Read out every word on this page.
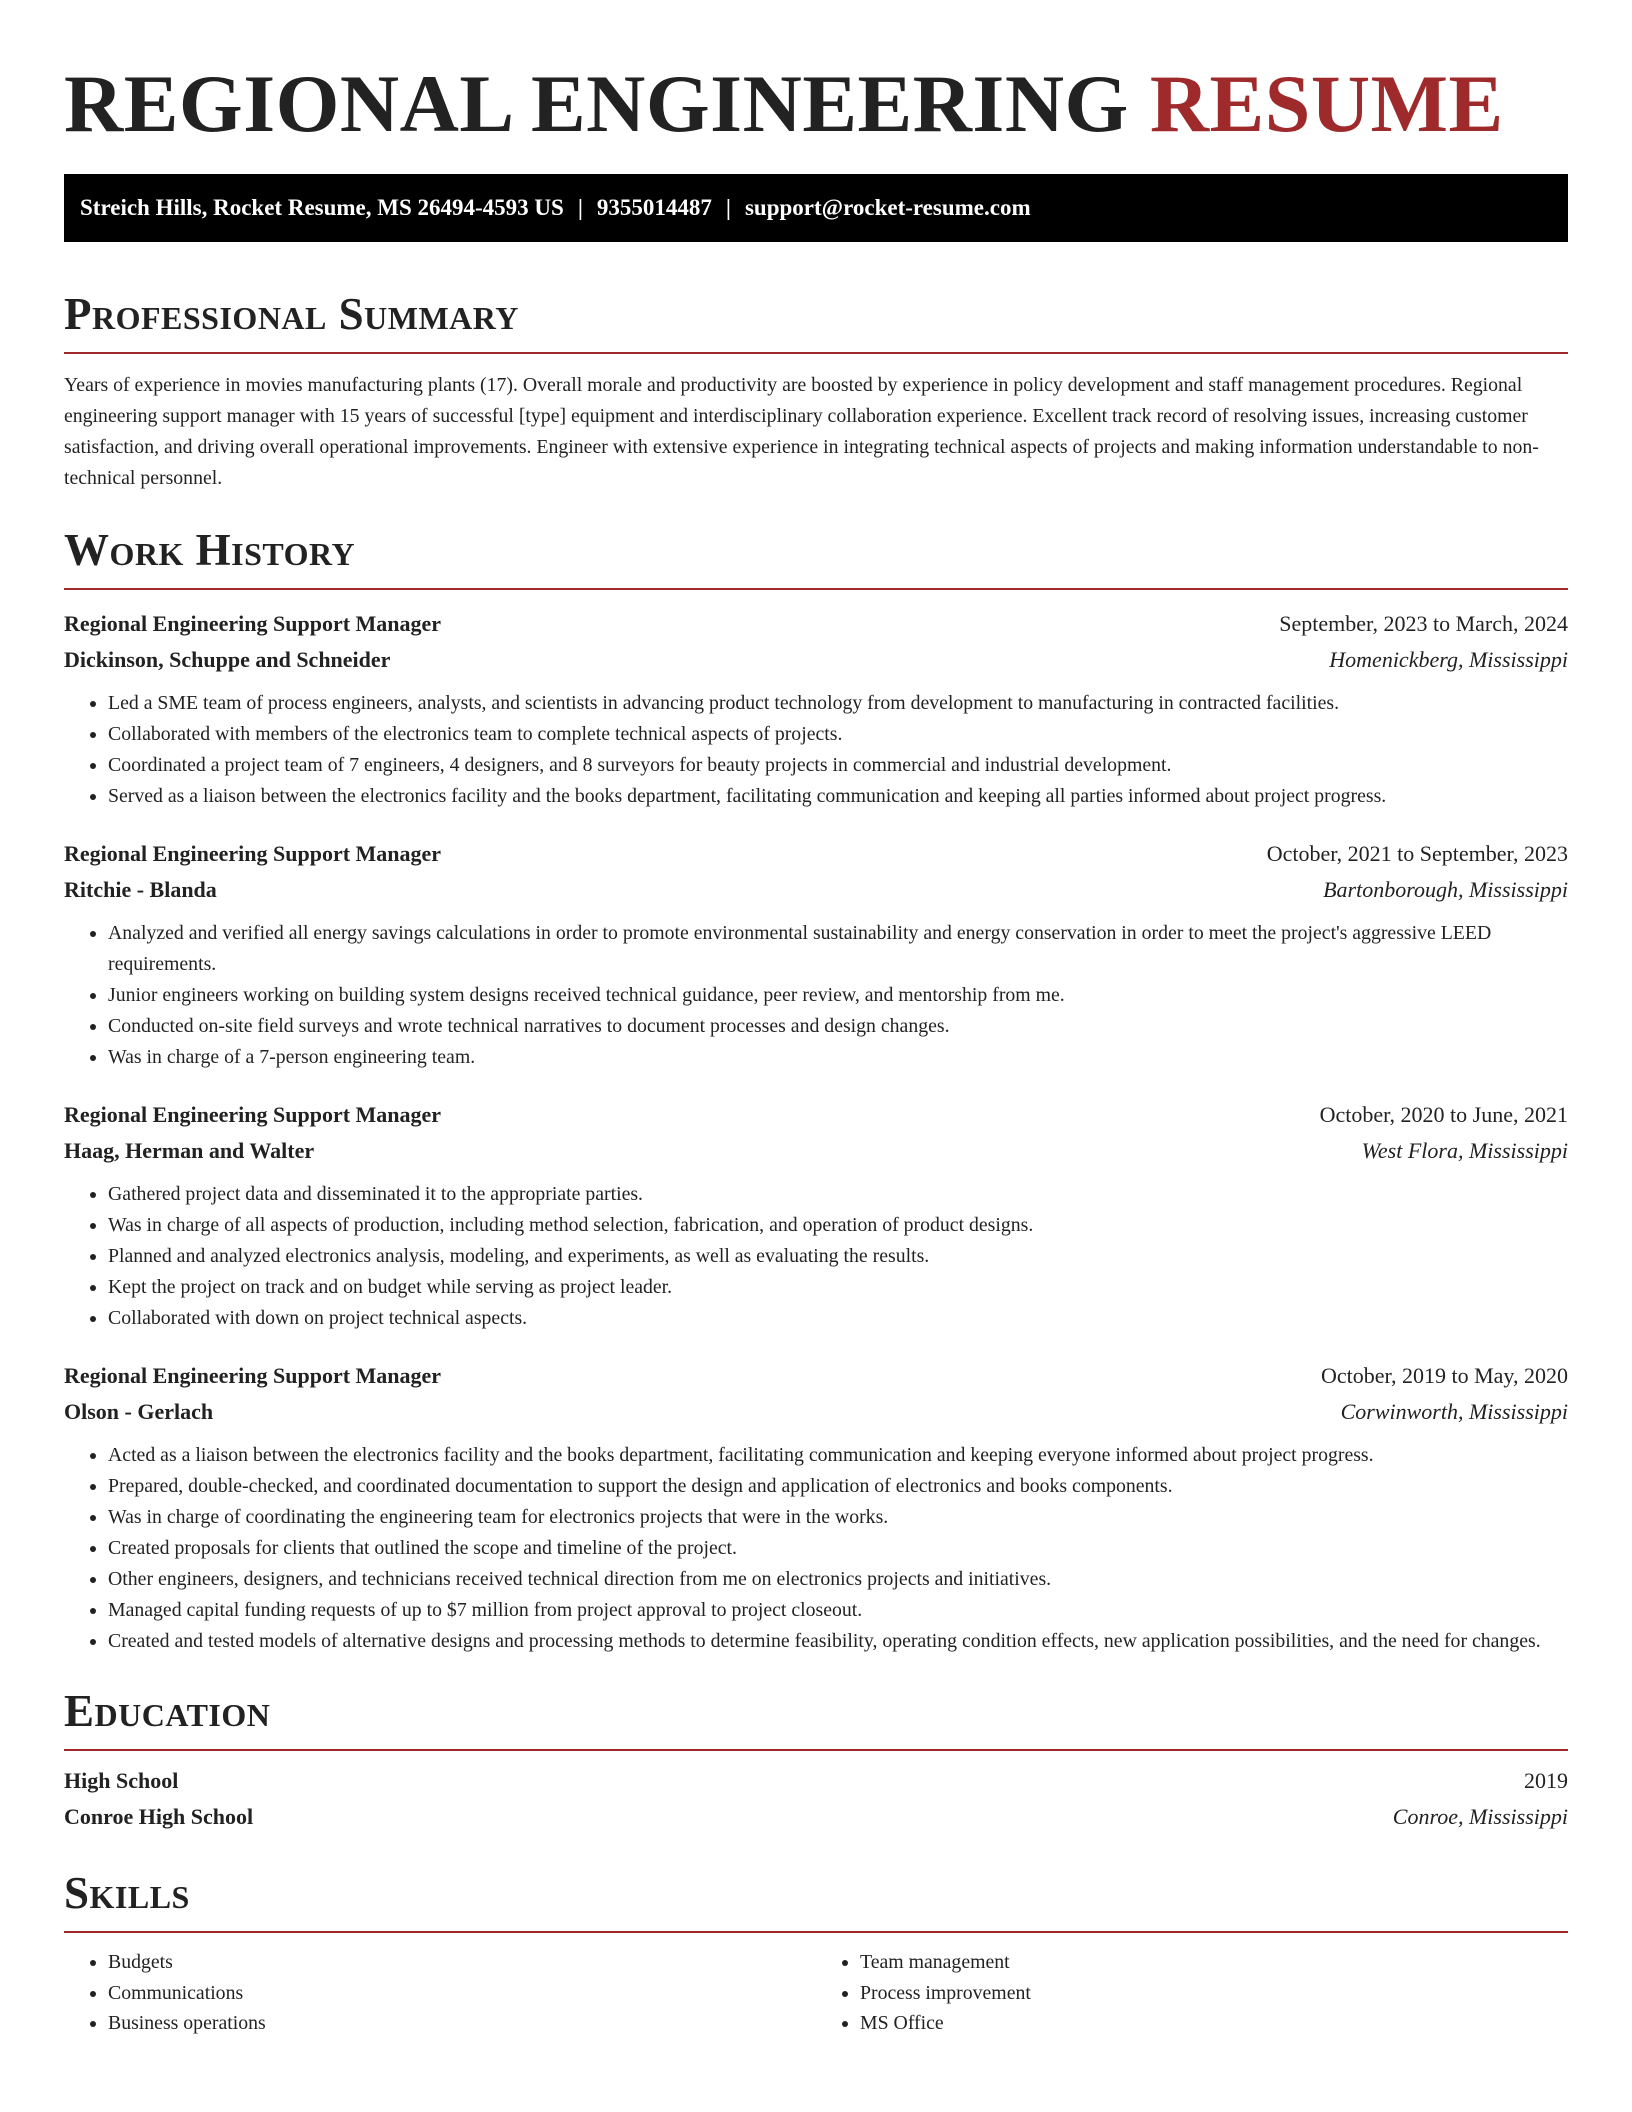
REGIONAL ENGINEERING RESUME
Streich Hills, Rocket Resume, MS 26494-4593 US | 9355014487 | support@rocket-resume.com
Professional Summary

Years of experience in movies manufacturing plants (17). Overall morale and productivity are boosted by experience in policy development and staff management procedures. Regional engineering support manager with 15 years of successful [type] equipment and interdisciplinary collaboration experience. Excellent track record of resolving issues, increasing customer satisfaction, and driving overall operational improvements. Engineer with extensive experience in integrating technical aspects of projects and making information understandable to non-technical personnel.

Work History
Regional Engineering Support Manager	September, 2023 to March, 2024
Dickinson, Schuppe and Schneider	Homenickberg, Mississippi
• Led a SME team of process engineers, analysts, and scientists in advancing product technology from development to manufacturing in contracted facilities.
• Collaborated with members of the electronics team to complete technical aspects of projects.
• Coordinated a project team of 7 engineers, 4 designers, and 8 surveyors for beauty projects in commercial and industrial development.
• Served as a liaison between the electronics facility and the books department, facilitating communication and keeping all parties informed about project progress.
Regional Engineering Support Manager	October, 2021 to September, 2023
Ritchie - Blanda	Bartonborough, Mississippi
• Analyzed and verified all energy savings calculations in order to promote environmental sustainability and energy conservation in order to meet the project's aggressive LEED requirements.
• Junior engineers working on building system designs received technical guidance, peer review, and mentorship from me.
• Conducted on-site field surveys and wrote technical narratives to document processes and design changes.
• Was in charge of a 7-person engineering team.
Regional Engineering Support Manager	October, 2020 to June, 2021
Haag, Herman and Walter	West Flora, Mississippi
• Gathered project data and disseminated it to the appropriate parties.
• Was in charge of all aspects of production, including method selection, fabrication, and operation of product designs.
• Planned and analyzed electronics analysis, modeling, and experiments, as well as evaluating the results.
• Kept the project on track and on budget while serving as project leader.
• Collaborated with down on project technical aspects.
Regional Engineering Support Manager	October, 2019 to May, 2020
Olson - Gerlach	Corwinworth, Mississippi
• Acted as a liaison between the electronics facility and the books department, facilitating communication and keeping everyone informed about project progress.
• Prepared, double-checked, and coordinated documentation to support the design and application of electronics and books components.
• Was in charge of coordinating the engineering team for electronics projects that were in the works.
• Created proposals for clients that outlined the scope and timeline of the project.
• Other engineers, designers, and technicians received technical direction from me on electronics projects and initiatives.
• Managed capital funding requests of up to $7 million from project approval to project closeout.
• Created and tested models of alternative designs and processing methods to determine feasibility, operating condition effects, new application possibilities, and the need for changes.
Education
High School	2019
Conroe High School	Conroe, Mississippi
Skills
• Budgets
• Communications
• Business operations
• Team management
• Process improvement
• MS Office
